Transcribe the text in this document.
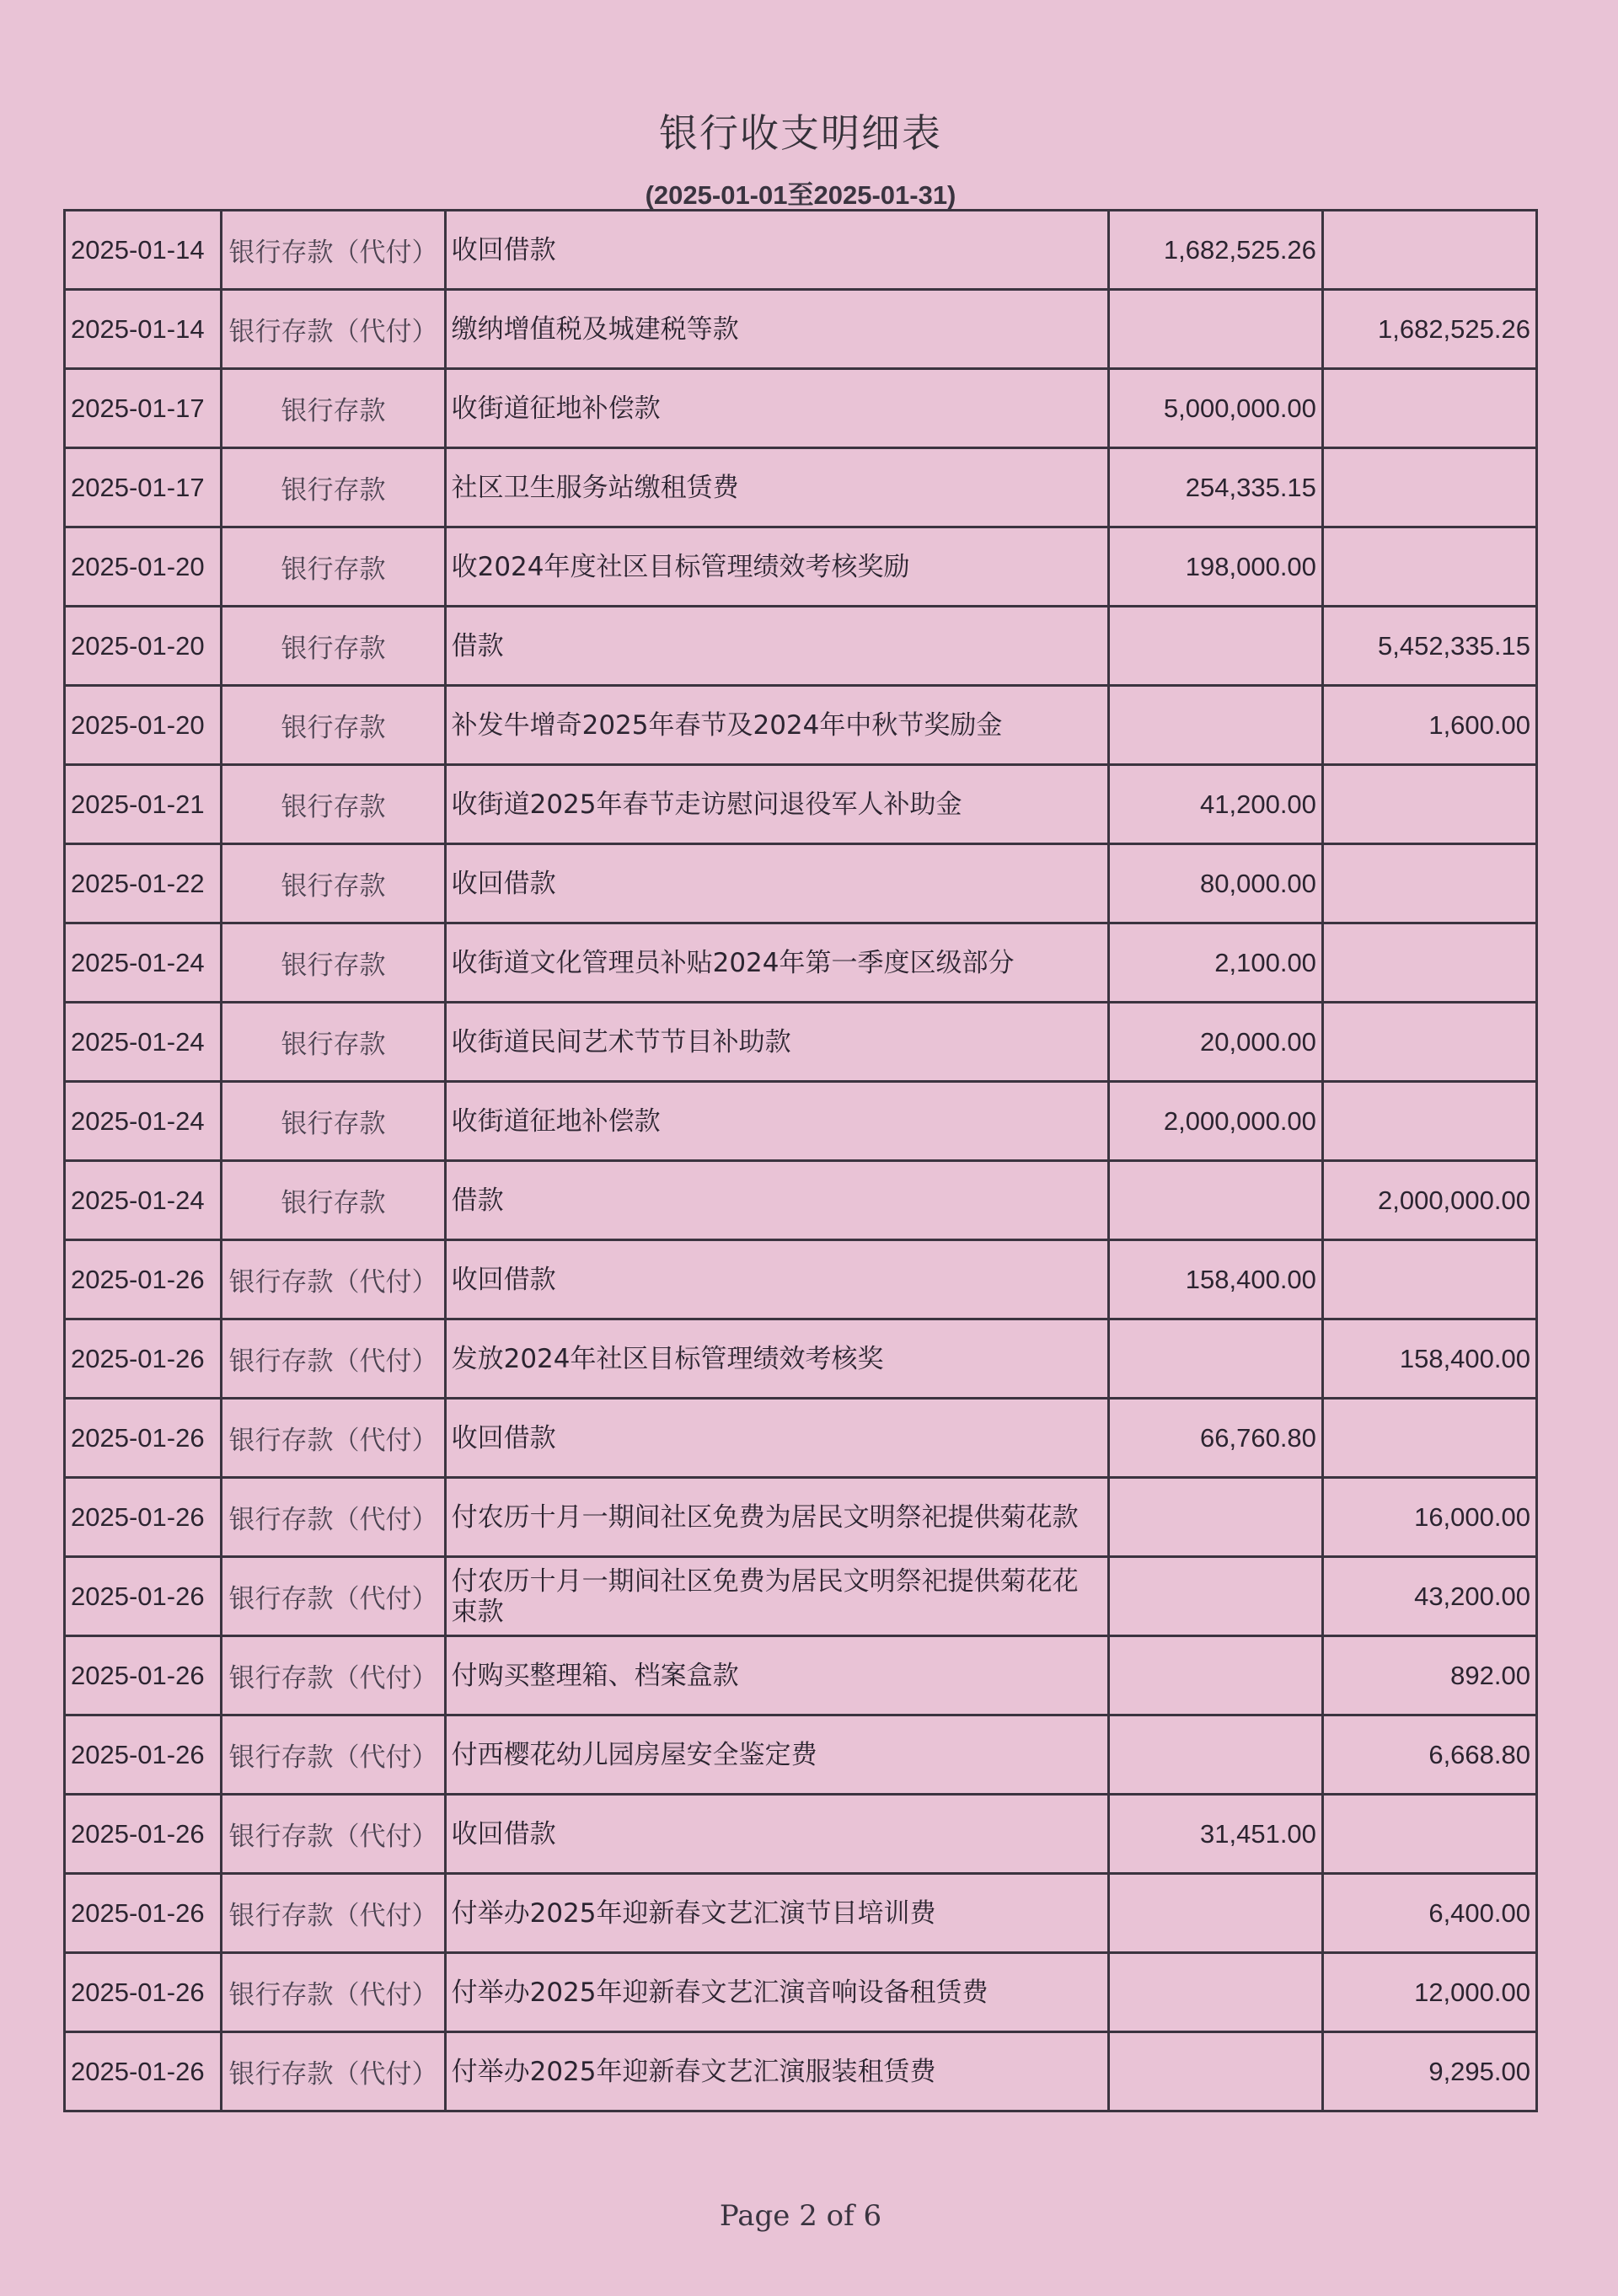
银行收支明细表
(2025-01-01至2025-01-31)
2025-01-14	银行存款（代付）	收回借款	1,682,525.26	
2025-01-14	银行存款（代付）	缴纳增值税及城建税等款		1,682,525.26
2025-01-17	银行存款	收街道征地补偿款	5,000,000.00	
2025-01-17	银行存款	社区卫生服务站缴租赁费	254,335.15	
2025-01-20	银行存款	收2024年度社区目标管理绩效考核奖励	198,000.00	
2025-01-20	银行存款	借款		5,452,335.15
2025-01-20	银行存款	补发牛增奇2025年春节及2024年中秋节奖励金		1,600.00
2025-01-21	银行存款	收街道2025年春节走访慰问退役军人补助金	41,200.00	
2025-01-22	银行存款	收回借款	80,000.00	
2025-01-24	银行存款	收街道文化管理员补贴2024年第一季度区级部分	2,100.00	
2025-01-24	银行存款	收街道民间艺术节节目补助款	20,000.00	
2025-01-24	银行存款	收街道征地补偿款	2,000,000.00	
2025-01-24	银行存款	借款		2,000,000.00
2025-01-26	银行存款（代付）	收回借款	158,400.00	
2025-01-26	银行存款（代付）	发放2024年社区目标管理绩效考核奖		158,400.00
2025-01-26	银行存款（代付）	收回借款	66,760.80	
2025-01-26	银行存款（代付）	付农历十月一期间社区免费为居民文明祭祀提供菊花款		16,000.00
2025-01-26	银行存款（代付）	付农历十月一期间社区免费为居民文明祭祀提供菊花花束款		43,200.00
2025-01-26	银行存款（代付）	付购买整理箱、档案盒款		892.00
2025-01-26	银行存款（代付）	付西樱花幼儿园房屋安全鉴定费		6,668.80
2025-01-26	银行存款（代付）	收回借款	31,451.00	
2025-01-26	银行存款（代付）	付举办2025年迎新春文艺汇演节目培训费		6,400.00
2025-01-26	银行存款（代付）	付举办2025年迎新春文艺汇演音响设备租赁费		12,000.00
2025-01-26	银行存款（代付）	付举办2025年迎新春文艺汇演服装租赁费		9,295.00
Page 2 of 6
